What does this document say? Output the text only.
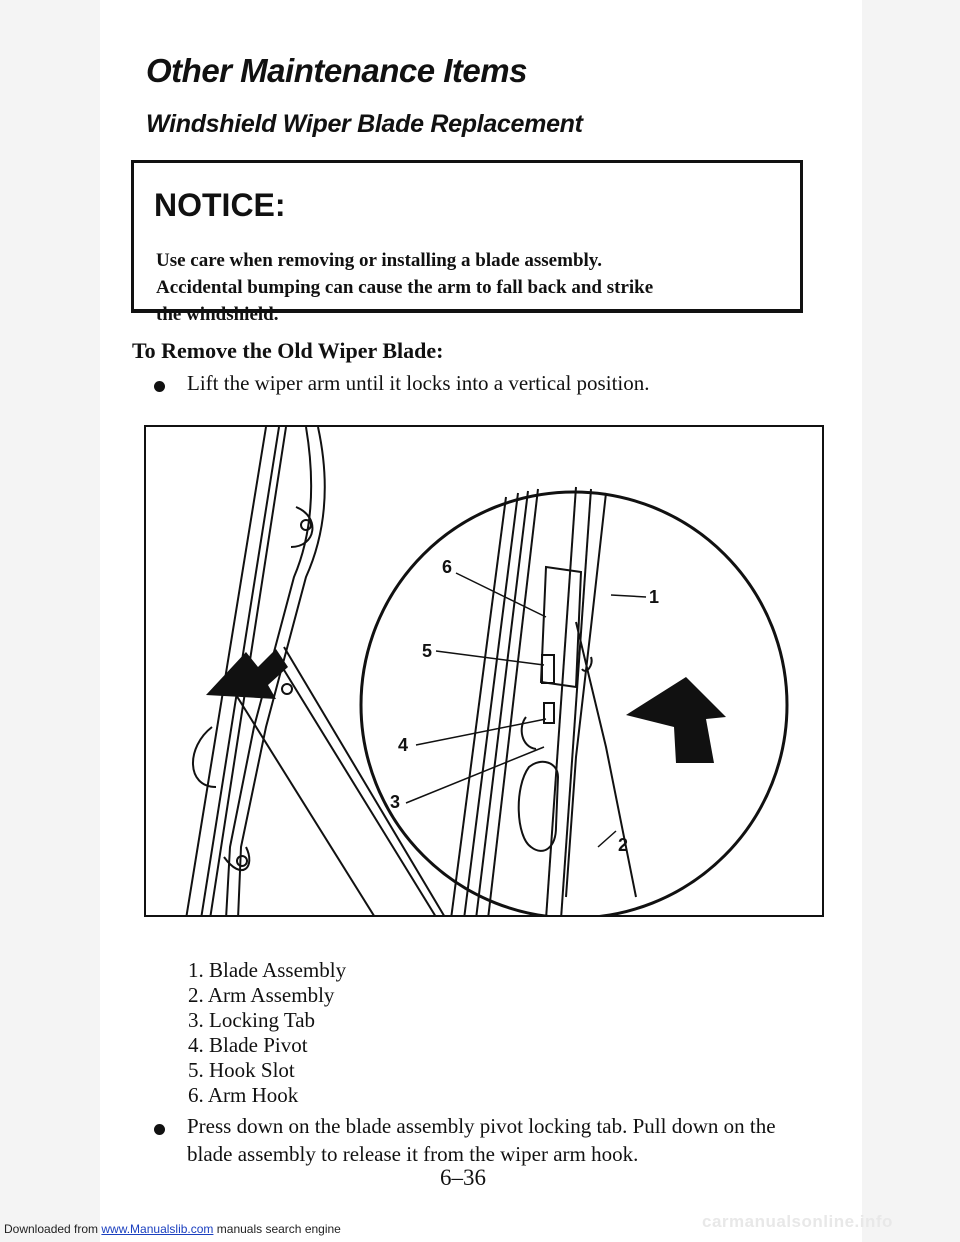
Other Maintenance Items
Windshield Wiper Blade Replacement
NOTICE:
Use care when removing or installing a blade assembly.
Accidental bumping can cause the arm to fall back and strike
the windshield.
To Remove the Old Wiper Blade:
Lift the wiper arm until it locks into a vertical position.
1
2
3
4
5
6
1. Blade Assembly
2. Arm Assembly
3. Locking Tab
4. Blade Pivot
5. Hook Slot
6. Arm Hook
Press down on the blade assembly pivot locking tab. Pull down on the
blade assembly to release it from the wiper arm hook.
6–36
Downloaded from www.Manualslib.com manuals search engine	carmanualsonline.info
